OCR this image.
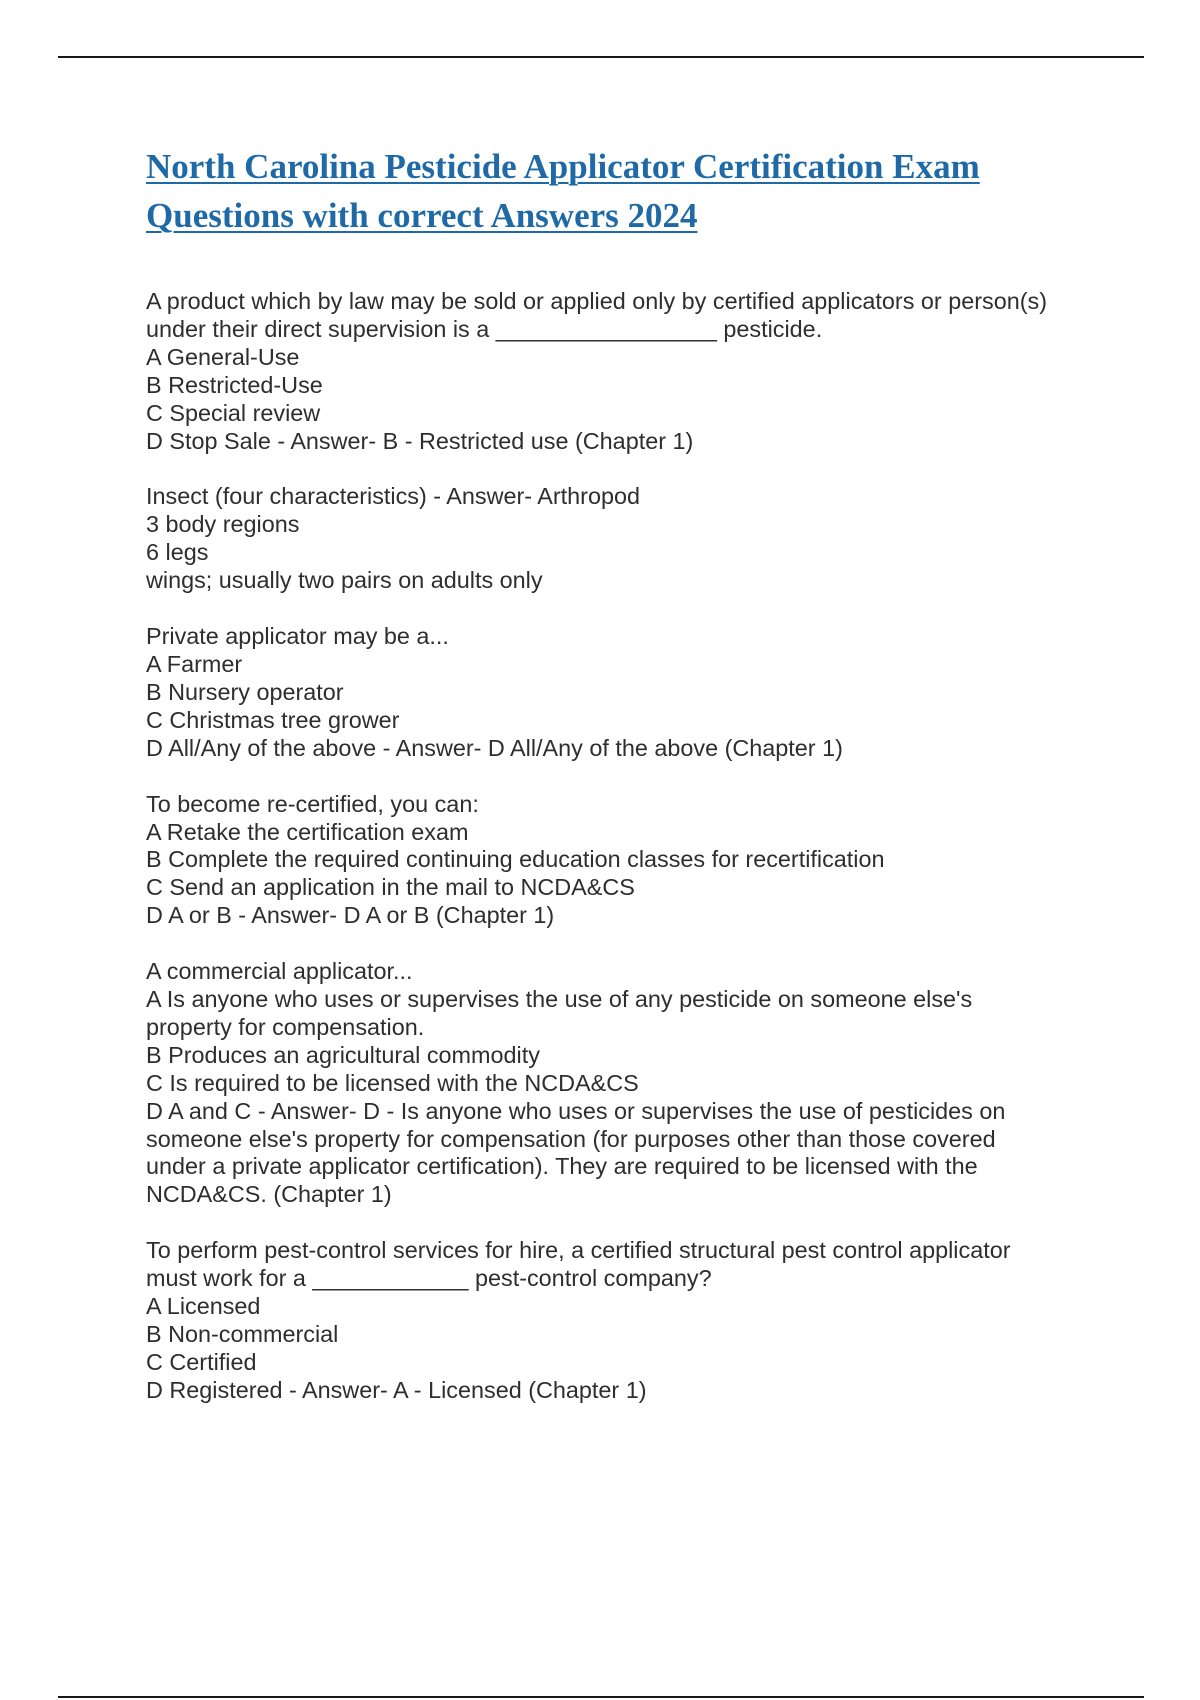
North Carolina Pesticide Applicator Certification Exam
Questions with correct Answers 2024
A product which by law may be sold or applied only by certified applicators or person(s)
under their direct supervision is a _________________ pesticide.
A General-Use
B Restricted-Use
C Special review
D Stop Sale - Answer- B - Restricted use (Chapter 1)
Insect (four characteristics) - Answer- Arthropod
3 body regions
6 legs
wings; usually two pairs on adults only
Private applicator may be a...
A Farmer
B Nursery operator
C Christmas tree grower
D All/Any of the above - Answer- D All/Any of the above (Chapter 1)
To become re-certified, you can:
A Retake the certification exam
B Complete the required continuing education classes for recertification
C Send an application in the mail to NCDA&CS
D A or B - Answer- D A or B (Chapter 1)
A commercial applicator...
A Is anyone who uses or supervises the use of any pesticide on someone else's
property for compensation.
B Produces an agricultural commodity
C Is required to be licensed with the NCDA&CS
D A and C - Answer- D - Is anyone who uses or supervises the use of pesticides on
someone else's property for compensation (for purposes other than those covered
under a private applicator certification). They are required to be licensed with the
NCDA&CS. (Chapter 1)
To perform pest-control services for hire, a certified structural pest control applicator
must work for a ____________ pest-control company?
A Licensed
B Non-commercial
C Certified
D Registered - Answer- A - Licensed (Chapter 1)
